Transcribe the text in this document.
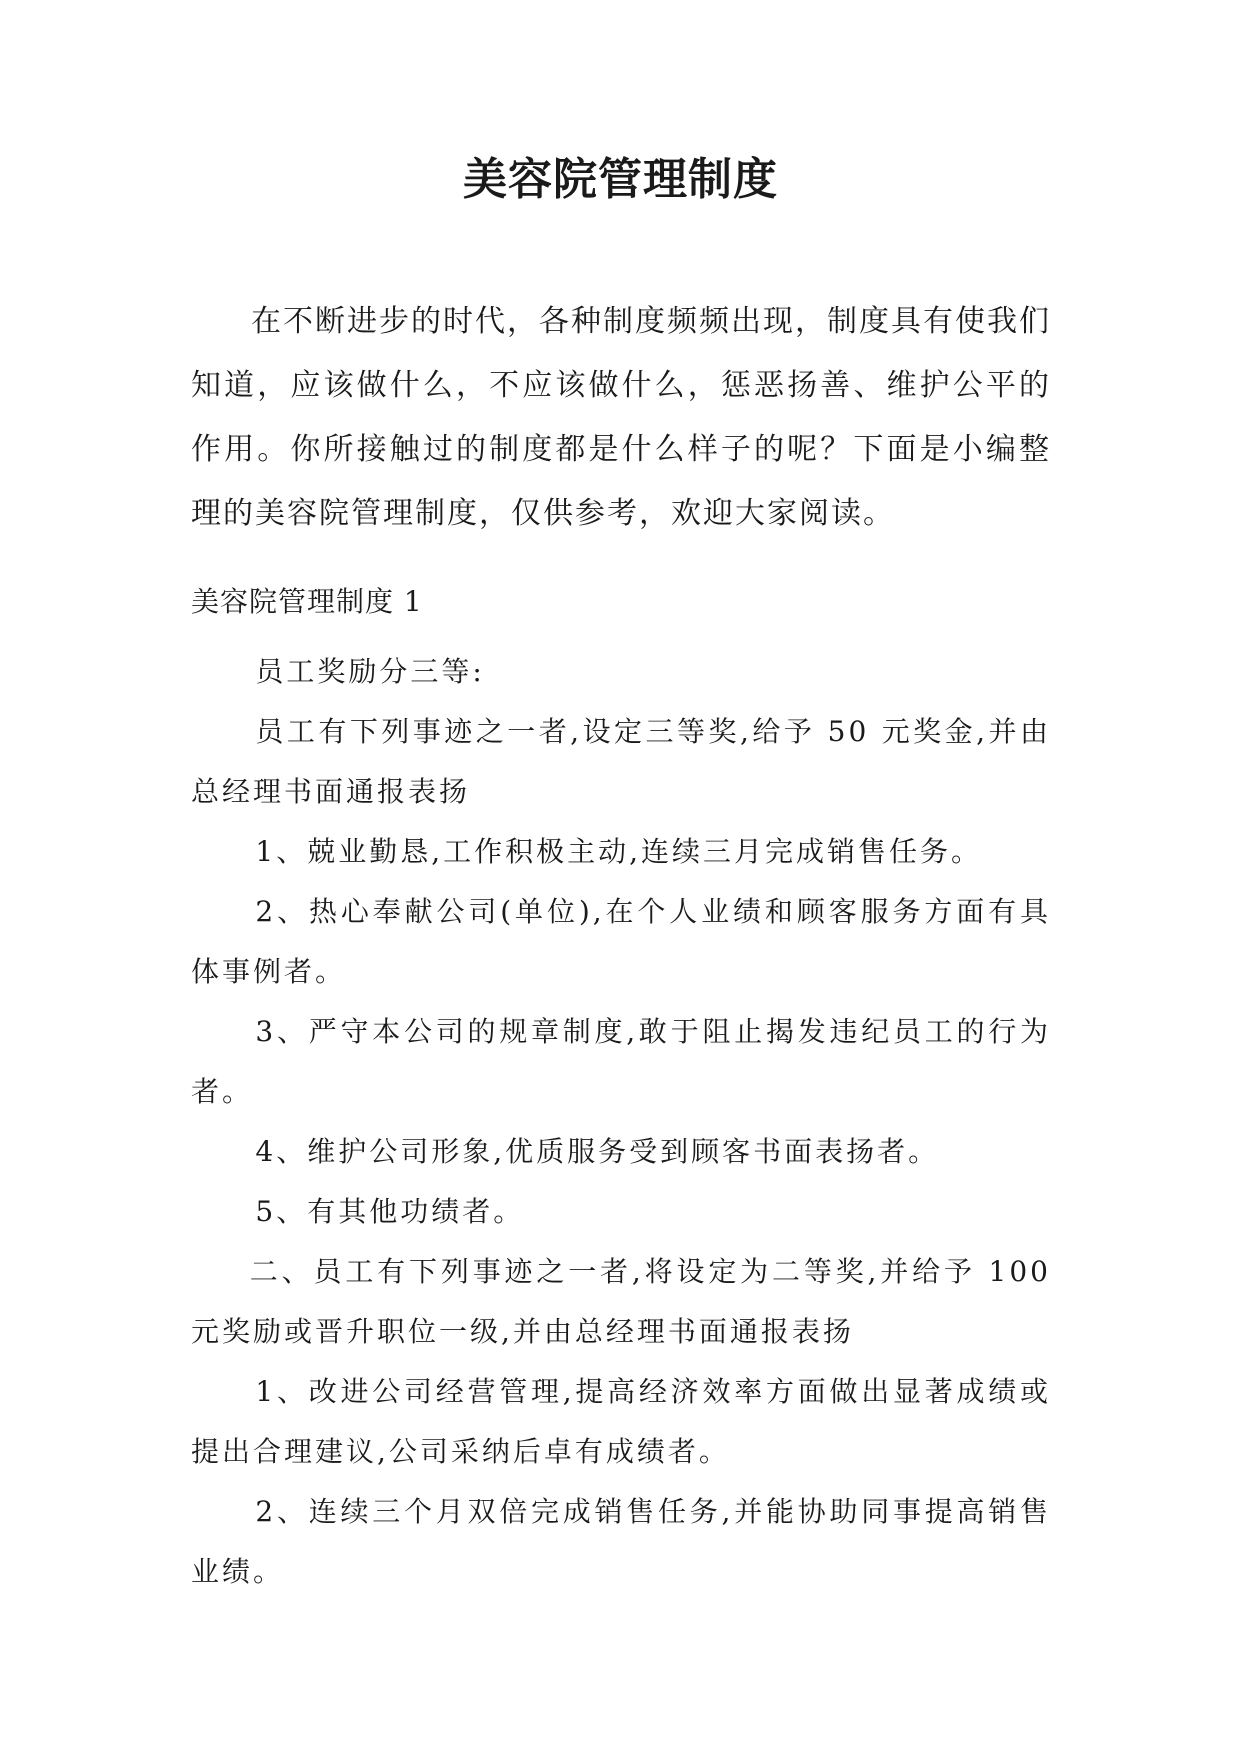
美容院管理制度

在不断进步的时代，各种制度频频出现，制度具有使我们知道，应该做什么，不应该做什么，惩恶扬善、维护公平的作用。你所接触过的制度都是什么样子的呢？下面是小编整理的美容院管理制度，仅供参考，欢迎大家阅读。

美容院管理制度 1

员工奖励分三等:

员工有下列事迹之一者,设定三等奖,给予 50 元奖金,并由总经理书面通报表扬

1、兢业勤恳,工作积极主动,连续三月完成销售任务。

2、热心奉献公司(单位),在个人业绩和顾客服务方面有具体事例者。

3、严守本公司的规章制度,敢于阻止揭发违纪员工的行为者。

4、维护公司形象,优质服务受到顾客书面表扬者。

5、有其他功绩者。

二、员工有下列事迹之一者,将设定为二等奖,并给予 100 元奖励或晋升职位一级,并由总经理书面通报表扬

1、改进公司经营管理,提高经济效率方面做出显著成绩或提出合理建议,公司采纳后卓有成绩者。

2、连续三个月双倍完成销售任务,并能协助同事提高销售业绩。
